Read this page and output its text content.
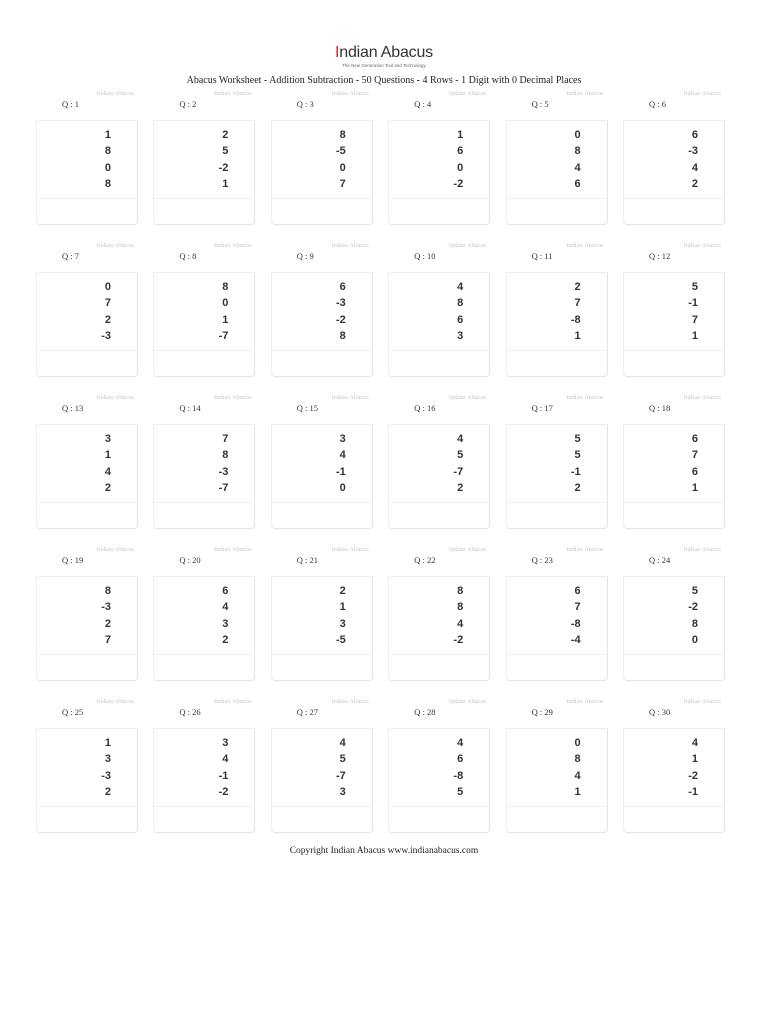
Indian Abacus
The New Generation Tool and Technology
Abacus Worksheet - Addition Subtraction - 50 Questions - 4 Rows - 1 Digit with 0 Decimal Places
Indian Abacus
Q : 1
1
8
0
8
Indian Abacus
Q : 2
2
5
-2
1
Indian Abacus
Q : 3
8
-5
0
7
Indian Abacus
Q : 4
1
6
0
-2
Indian Abacus
Q : 5
0
8
4
6
Indian Abacus
Q : 6
6
-3
4
2
Indian Abacus
Q : 7
0
7
2
-3
Indian Abacus
Q : 8
8
0
1
-7
Indian Abacus
Q : 9
6
-3
-2
8
Indian Abacus
Q : 10
4
8
6
3
Indian Abacus
Q : 11
2
7
-8
1
Indian Abacus
Q : 12
5
-1
7
1
Indian Abacus
Q : 13
3
1
4
2
Indian Abacus
Q : 14
7
8
-3
-7
Indian Abacus
Q : 15
3
4
-1
0
Indian Abacus
Q : 16
4
5
-7
2
Indian Abacus
Q : 17
5
5
-1
2
Indian Abacus
Q : 18
6
7
6
1
Indian Abacus
Q : 19
8
-3
2
7
Indian Abacus
Q : 20
6
4
3
2
Indian Abacus
Q : 21
2
1
3
-5
Indian Abacus
Q : 22
8
8
4
-2
Indian Abacus
Q : 23
6
7
-8
-4
Indian Abacus
Q : 24
5
-2
8
0
Indian Abacus
Q : 25
1
3
-3
2
Indian Abacus
Q : 26
3
4
-1
-2
Indian Abacus
Q : 27
4
5
-7
3
Indian Abacus
Q : 28
4
6
-8
5
Indian Abacus
Q : 29
0
8
4
1
Indian Abacus
Q : 30
4
1
-2
-1
Copyright Indian Abacus www.indianabacus.com
